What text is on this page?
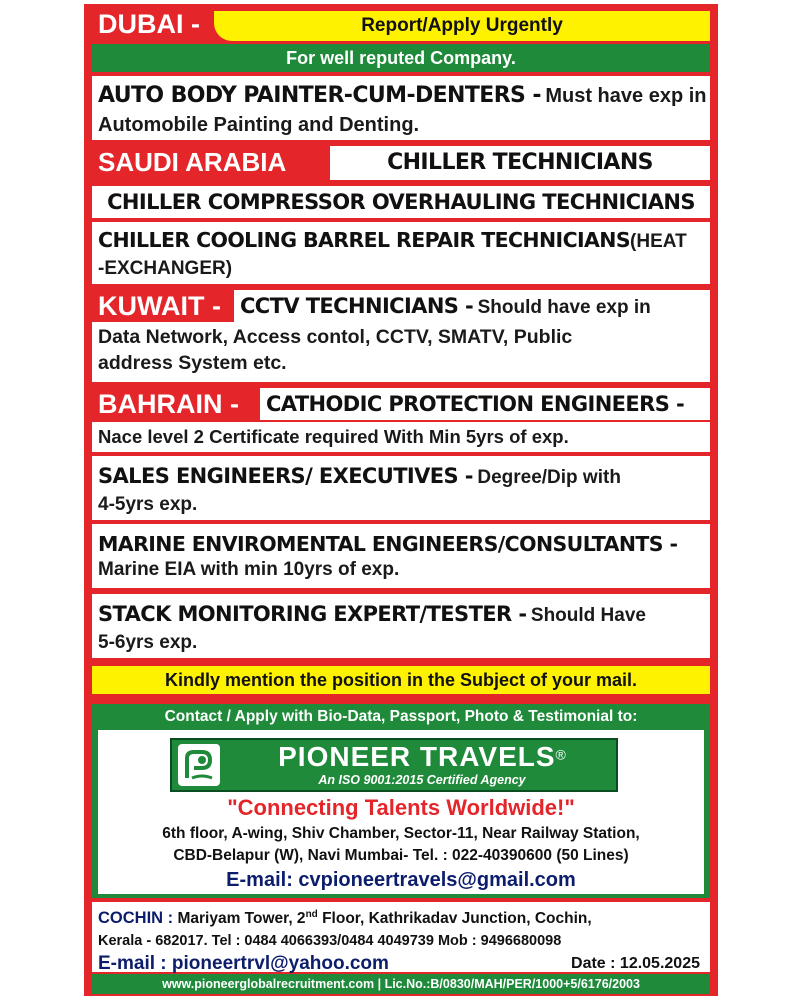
DUBAI -	Report/Apply Urgently
For well reputed Company.
AUTO BODY PAINTER-CUM-DENTERS - Must have exp in
Automobile Painting and Denting.
SAUDI ARABIA	CHILLER TECHNICIANS
CHILLER COMPRESSOR OVERHAULING TECHNICIANS
CHILLER COOLING BARREL REPAIR TECHNICIANS(HEAT
-EXCHANGER)
KUWAIT - CCTV TECHNICIANS - Should have exp in
Data Network, Access contol, CCTV, SMATV, Public
address System etc.
BAHRAIN - CATHODIC PROTECTION ENGINEERS -
Nace level 2 Certificate required With Min 5yrs of exp.
SALES ENGINEERS/ EXECUTIVES - Degree/Dip with
4-5yrs exp.
MARINE ENVIROMENTAL ENGINEERS/CONSULTANTS -
Marine EIA with min 10yrs of exp.
STACK MONITORING EXPERT/TESTER - Should Have
5-6yrs exp.
Kindly mention the position in the Subject of your mail.
Contact / Apply with Bio-Data, Passport, Photo & Testimonial to:
PIONEER TRAVELS®
An ISO 9001:2015 Certified Agency
"Connecting Talents Worldwide!"
6th floor, A-wing, Shiv Chamber, Sector-11, Near Railway Station,
CBD-Belapur (W), Navi Mumbai- Tel. : 022-40390600 (50 Lines)
E-mail: cvpioneertravels@gmail.com
COCHIN : Mariyam Tower, 2nd Floor, Kathrikadav Junction, Cochin,
Kerala - 682017. Tel : 0484 4066393/0484 4049739 Mob : 9496680098
E-mail : pioneertrvl@yahoo.com	Date : 12.05.2025
www.pioneerglobalrecruitment.com | Lic.No.:B/0830/MAH/PER/1000+5/6176/2003
